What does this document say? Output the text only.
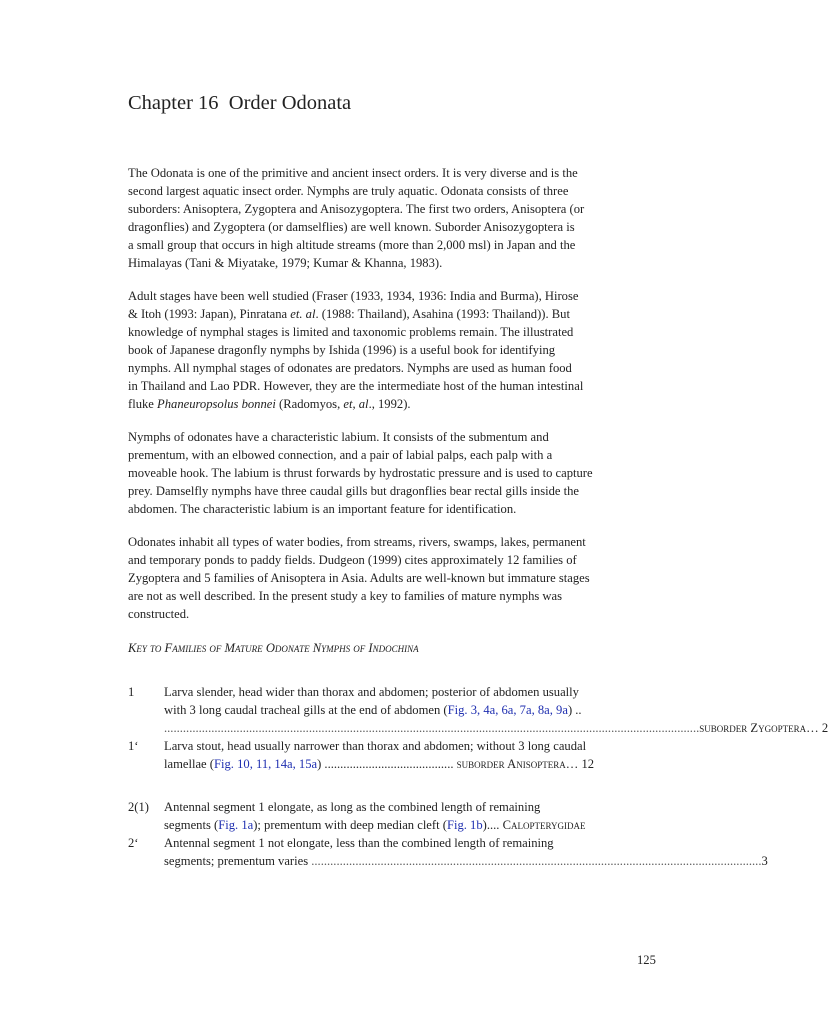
Chapter 16  Order Odonata
The Odonata is one of the primitive and ancient insect orders. It is very diverse and is the
second largest aquatic insect order. Nymphs are truly aquatic. Odonata consists of three
suborders: Anisoptera, Zygoptera and Anisozygoptera. The first two orders, Anisoptera (or
dragonflies) and Zygoptera (or damselflies) are well known. Suborder Anisozygoptera is
a small group that occurs in high altitude streams (more than 2,000 msl) in Japan and the
Himalayas (Tani & Miyatake, 1979; Kumar & Khanna, 1983).
Adult stages have been well studied (Fraser (1933, 1934, 1936: India and Burma), Hirose
& Itoh (1993: Japan), Pinratana et. al. (1988: Thailand), Asahina (1993: Thailand)). But
knowledge of nymphal stages is limited and taxonomic problems remain. The illustrated
book of Japanese dragonfly nymphs by Ishida (1996) is a useful book for identifying
nymphs. All nymphal stages of odonates are predators. Nymphs are used as human food
in Thailand and Lao PDR. However, they are the intermediate host of the human intestinal
fluke Phaneuropsolus bonnei (Radomyos, et, al., 1992).
Nymphs of odonates have a characteristic labium. It consists of the submentum and
prementum, with an elbowed connection, and a pair of labial palps, each palp with a
moveable hook. The labium is thrust forwards by hydrostatic pressure and is used to capture
prey. Damselfly nymphs have three caudal gills but dragonflies bear rectal gills inside the
abdomen. The characteristic labium is an important feature for identification.
Odonates inhabit all types of water bodies, from streams, rivers, swamps, lakes, permanent
and temporary ponds to paddy fields. Dudgeon (1999) cites approximately 12 families of
Zygoptera and 5 families of Anisoptera in Asia. Adults are well-known but immature stages
are not as well described. In the present study a key to families of mature nymphs was
constructed.
Key to Families of Mature Odonate Nymphs of Indochina
1 Larva slender, head wider than thorax and abdomen; posterior of abdomen usually
with 3 long caudal tracheal gills at the end of abdomen (Fig. 3, 4a, 6a, 7a, 8a, 9a) ..
.......................................................................................................................................................................... suborder Zygoptera… 2
1‘ Larva stout, head usually narrower than thorax and abdomen; without 3 long caudal
lamellae (Fig. 10, 11, 14a, 15a) ......................................... suborder Anisoptera… 12
2(1) Antennal segment 1 elongate, as long as the combined length of remaining
segments (Fig. 1a); prementum with deep median cleft (Fig. 1b).... Calopterygidae
2‘ Antennal segment 1 not elongate, less than the combined length of remaining
segments; prementum varies ............................................................................................................................................... 3
125
